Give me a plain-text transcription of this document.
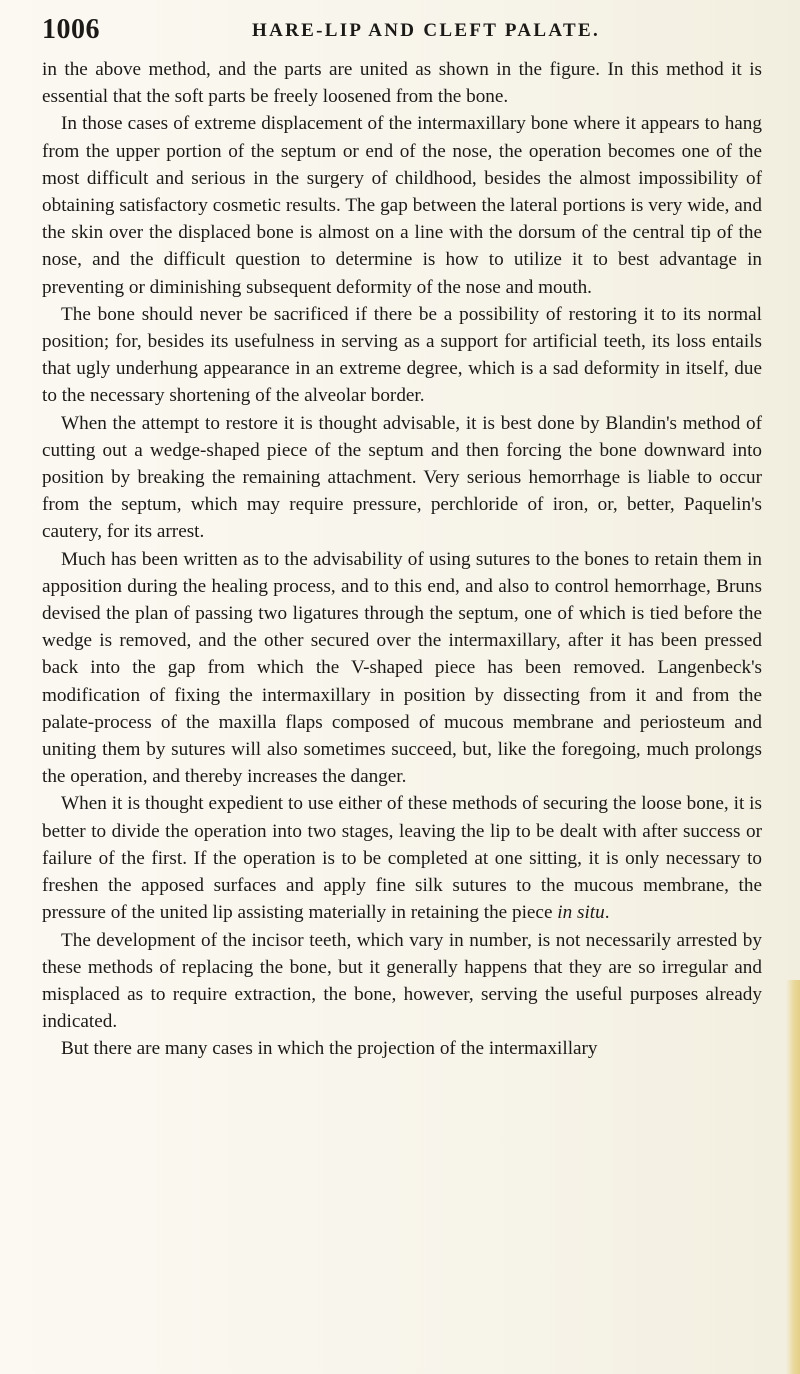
1006	HARE-LIP AND CLEFT PALATE.

in the above method, and the parts are united as shown in the figure. In this method it is essential that the soft parts be freely loosened from the bone.

In those cases of extreme displacement of the intermaxillary bone where it appears to hang from the upper portion of the septum or end of the nose, the operation becomes one of the most difficult and serious in the surgery of childhood, besides the almost impossibility of obtaining satisfactory cosmetic results. The gap between the lateral portions is very wide, and the skin over the displaced bone is almost on a line with the dorsum of the central tip of the nose, and the difficult question to determine is how to utilize it to best advantage in preventing or diminishing subsequent deformity of the nose and mouth.

The bone should never be sacrificed if there be a possibility of restoring it to its normal position; for, besides its usefulness in serving as a support for artificial teeth, its loss entails that ugly underhung appearance in an extreme degree, which is a sad deformity in itself, due to the necessary shortening of the alveolar border.

When the attempt to restore it is thought advisable, it is best done by Blandin's method of cutting out a wedge-shaped piece of the septum and then forcing the bone downward into position by breaking the remaining attachment. Very serious hemorrhage is liable to occur from the septum, which may require pressure, perchloride of iron, or, better, Paquelin's cautery, for its arrest.

Much has been written as to the advisability of using sutures to the bones to retain them in apposition during the healing process, and to this end, and also to control hemorrhage, Bruns devised the plan of passing two ligatures through the septum, one of which is tied before the wedge is removed, and the other secured over the intermaxillary, after it has been pressed back into the gap from which the V-shaped piece has been removed. Langenbeck's modification of fixing the intermaxillary in position by dissecting from it and from the palate-process of the maxilla flaps composed of mucous membrane and periosteum and uniting them by sutures will also sometimes succeed, but, like the foregoing, much prolongs the operation, and thereby increases the danger.

When it is thought expedient to use either of these methods of securing the loose bone, it is better to divide the operation into two stages, leaving the lip to be dealt with after success or failure of the first. If the operation is to be completed at one sitting, it is only necessary to freshen the apposed surfaces and apply fine silk sutures to the mucous membrane, the pressure of the united lip assisting materially in retaining the piece in situ.

The development of the incisor teeth, which vary in number, is not necessarily arrested by these methods of replacing the bone, but it generally happens that they are so irregular and misplaced as to require extraction, the bone, however, serving the useful purposes already indicated.

But there are many cases in which the projection of the intermaxillary
